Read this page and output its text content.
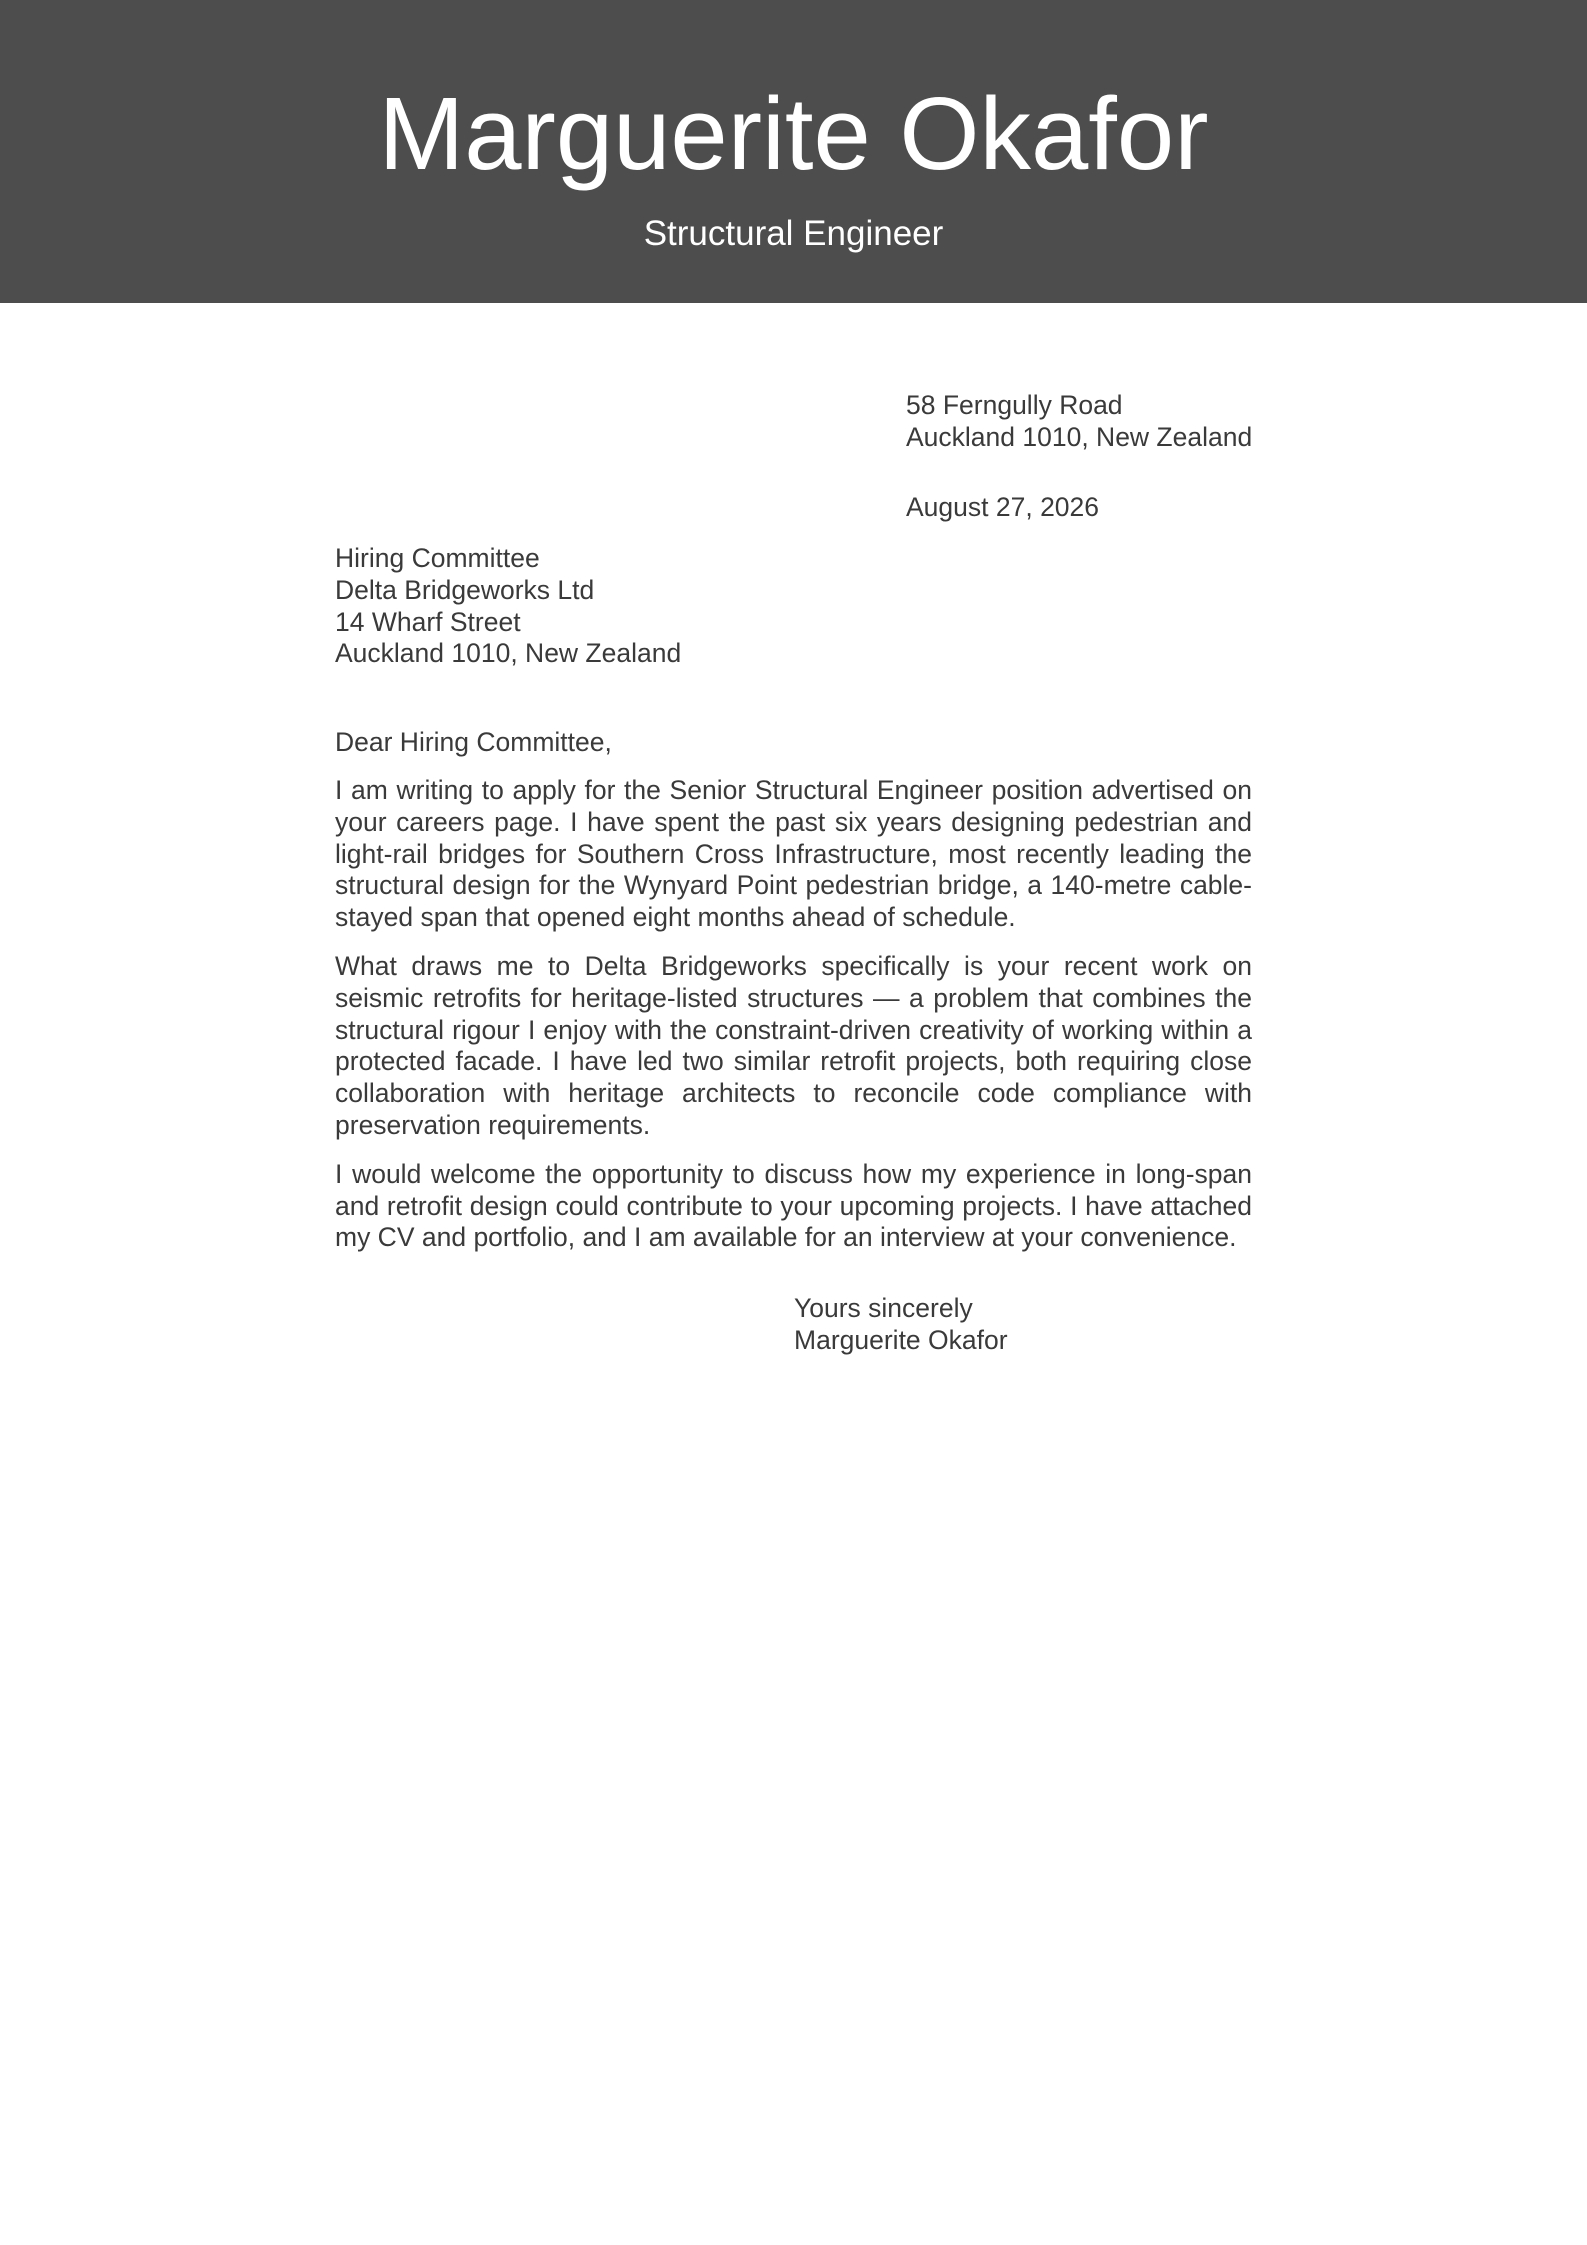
Marguerite Okafor
Structural Engineer
58 Ferngully Road
Auckland 1010, New Zealand
August 27, 2026
Hiring Committee
Delta Bridgeworks Ltd
14 Wharf Street
Auckland 1010, New Zealand
Dear Hiring Committee,

I am writing to apply for the Senior Structural Engineer position advertised on your careers page. I have spent the past six years designing pedestrian and light-rail bridges for Southern Cross Infrastructure, most recently leading the structural design for the Wynyard Point pedestrian bridge, a 140-metre cablestayed span that opened eight months ahead of schedule.

What draws me to Delta Bridgeworks specifically is your recent work on seismic retrofits for heritage-listed structures — a problem that combines the structural rigour I enjoy with the constraint-driven creativity of working within a protected facade. I have led two similar retrofit projects, both requiring close collaboration with heritage architects to reconcile code compliance with preservation requirements.

I would welcome the opportunity to discuss how my experience in long-span and retrofit design could contribute to your upcoming projects. I have attached my CV and portfolio, and I am available for an interview at your convenience.

Yours sincerely
Marguerite Okafor
